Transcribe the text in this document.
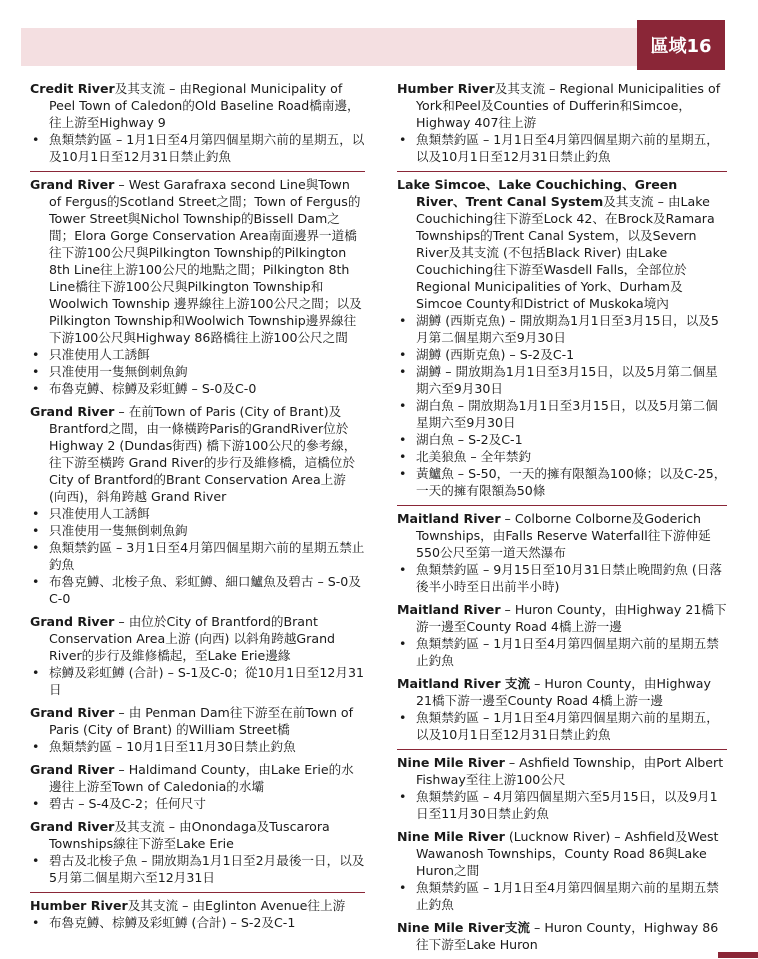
區域16
Credit River及其支流 – 由Regional Municipality of Peel Town of Caledon的Old Baseline Road橋南邊，往上游至Highway 9
• 魚類禁釣區 – 1月1日至4月第四個星期六前的星期五，以及10月1日至12月31日禁止釣魚
Grand River – West Garafraxa second Line與Town of Fergus的Scotland Street之間；Town of Fergus的Tower Street與Nichol Township的Bissell Dam之間；Elora Gorge Conservation Area南面邊界一道橋往下游100公尺與Pilkington Township的Pilkington 8th Line往上游100公尺的地點之間；Pilkington 8th Line橋往下游100公尺與Pilkington Township和Woolwich Township 邊界線往上游100公尺之間；以及Pilkington Township和Woolwich Township邊界線往下游100公尺與Highway 86路橋往上游100公尺之間
• 只准使用人工誘餌
• 只准使用一隻無倒刺魚鉤
• 布魯克鱒、棕鱒及彩虹鱒 – S-0及C-0
Grand River – 在前Town of Paris (City of Brant)及Brantford之間，由一條橫跨Paris的GrandRiver位於Highway 2 (Dundas街西) 橋下游100公尺的參考線，往下游至橫跨 Grand River的步行及維修橋，這橋位於City of Brantford的Brant Conservation Area上游 (向西)，斜角跨越 Grand River
• 只准使用人工誘餌
• 只准使用一隻無倒刺魚鉤
• 魚類禁釣區 – 3月1日至4月第四個星期六前的星期五禁止釣魚
• 布魯克鱒、北梭子魚、彩虹鱒、細口鱸魚及碧古 – S-0及C-0
Grand River – 由位於City of Brantford的Brant Conservation Area上游 (向西) 以斜角跨越Grand River的步行及維修橋起，至Lake Erie邊緣
• 棕鱒及彩虹鱒 (合計) – S-1及C-0；從10月1日至12月31日
Grand River – 由 Penman Dam往下游至在前Town of Paris (City of Brant) 的William Street橋
• 魚類禁釣區 – 10月1日至11月30日禁止釣魚
Grand River – Haldimand County，由Lake Erie的水邊往上游至Town of Caledonia的水壩
• 碧古 – S-4及C-2；任何尺寸
Grand River及其支流 – 由Onondaga及Tuscarora Townships線往下游至Lake Erie
• 碧古及北梭子魚 – 開放期為1月1日至2月最後一日，以及5月第二個星期六至12月31日
Humber River及其支流 – 由Eglinton Avenue往上游
• 布魯克鱒、棕鱒及彩虹鱒 (合計) – S-2及C-1
Humber River及其支流 – Regional Municipalities of York和Peel及Counties of Dufferin和Simcoe，Highway 407往上游
• 魚類禁釣區 – 1月1日至4月第四個星期六前的星期五，以及10月1日至12月31日禁止釣魚
Lake Simcoe、Lake Couchiching、Green River、Trent Canal System及其支流 – 由Lake Couchiching往下游至Lock 42、在Brock及Ramara Townships的Trent Canal System，以及Severn River及其支流 (不包括Black River) 由Lake Couchiching往下游至Wasdell Falls，全部位於Regional Municipalities of York、Durham及Simcoe County和District of Muskoka境內
• 湖鱒 (西斯克魚) – 開放期為1月1日至3月15日，以及5月第二個星期六至9月30日
• 湖鱒 (西斯克魚) – S-2及C-1
• 湖鱒 – 開放期為1月1日至3月15日，以及5月第二個星期六至9月30日
• 湖白魚 – 開放期為1月1日至3月15日，以及5月第二個星期六至9月30日
• 湖白魚 – S-2及C-1
• 北美狼魚 – 全年禁釣
• 黃鱸魚 – S-50，一天的擁有限額為100條；以及C-25，一天的擁有限額為50條
Maitland River – Colborne Colborne及Goderich Townships，由Falls Reserve Waterfall往下游伸延550公尺至第一道天然瀑布
• 魚類禁釣區 – 9月15日至10月31日禁止晚間釣魚 (日落後半小時至日出前半小時)
Maitland River – Huron County，由Highway 21橋下游一邊至County Road 4橋上游一邊
• 魚類禁釣區 – 1月1日至4月第四個星期六前的星期五禁止釣魚
Maitland River 支流 – Huron County，由Highway 21橋下游一邊至County Road 4橋上游一邊
• 魚類禁釣區 – 1月1日至4月第四個星期六前的星期五，以及10月1日至12月31日禁止釣魚
Nine Mile River – Ashfield Township，由Port Albert Fishway至往上游100公尺
• 魚類禁釣區 – 4月第四個星期六至5月15日，以及9月1日至11月30日禁止釣魚
Nine Mile River (Lucknow River) – Ashfield及West Wawanosh Townships，County Road 86與Lake Huron之間
• 魚類禁釣區 – 1月1日至4月第四個星期六前的星期五禁止釣魚
Nine Mile River支流 – Huron County，Highway 86往下游至Lake Huron
